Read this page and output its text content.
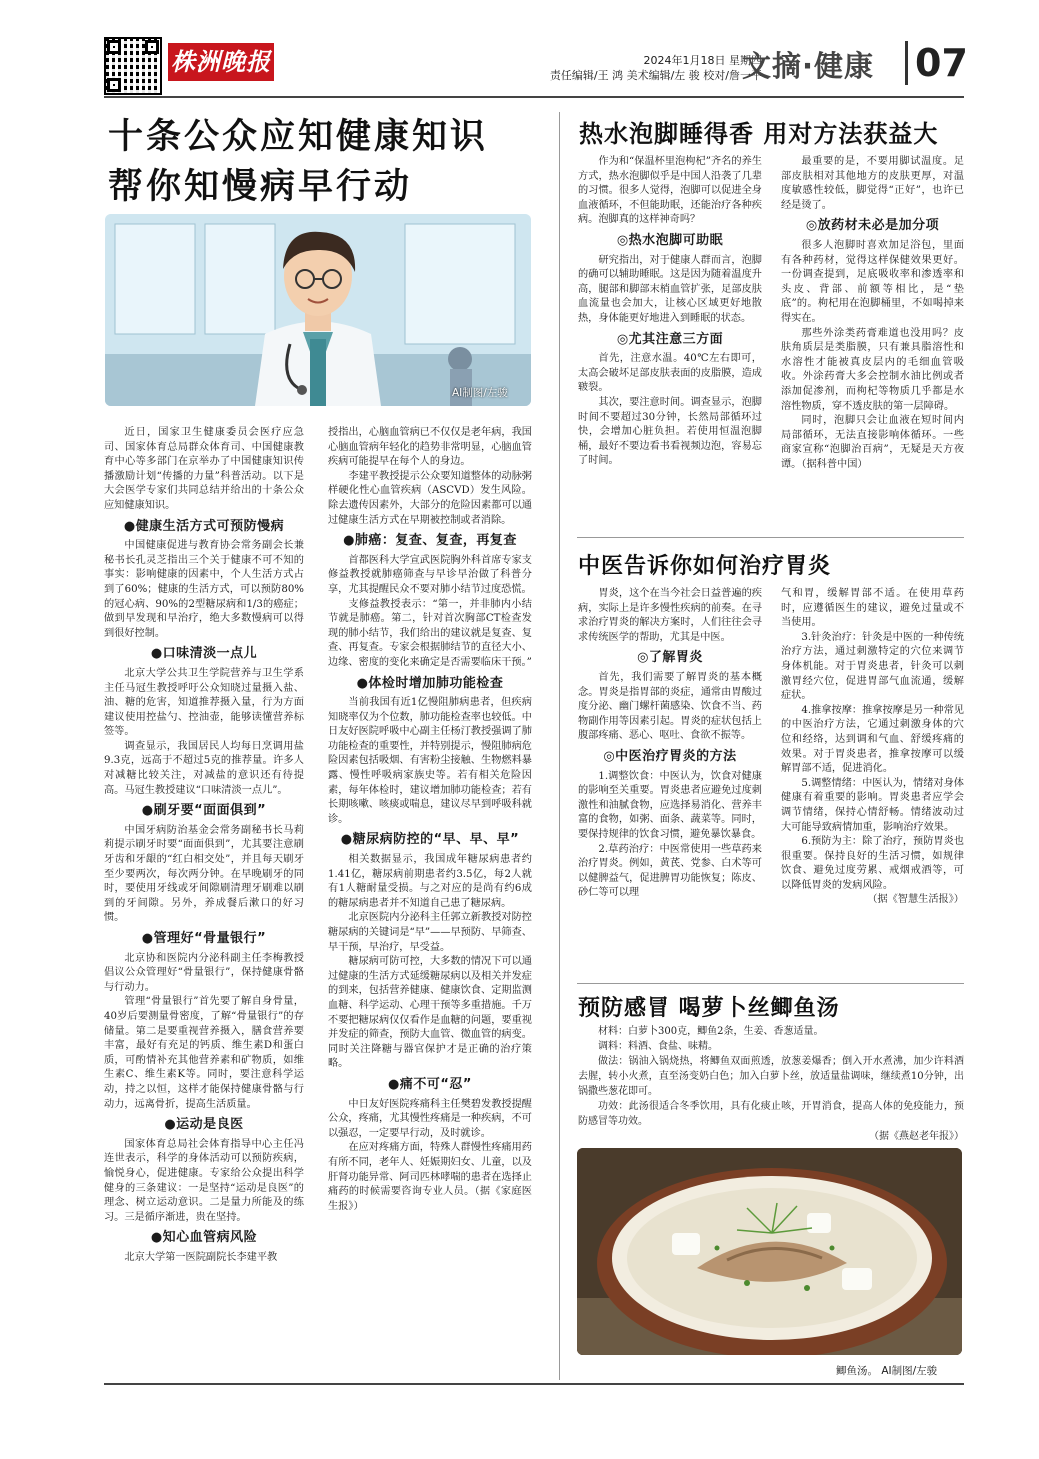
株洲晚报	2024年1月18日 星期四
责任编辑/王 鸿 美术编辑/左 骏 校对/詹一平
文摘·健康 07
十条公众应知健康知识
帮你知慢病早行动
AI制图/左骏

近日，国家卫生健康委员会医疗应急司、国家体育总局群众体育司、中国健康教育中心等多部门在京举办了中国健康知识传播激励计划“传播的力量”科普活动。以下是大会医学专家们共同总结并给出的十条公众应知健康知识。

●健康生活方式可预防慢病

中国健康促进与教育协会常务副会长兼秘书长孔灵芝指出三个关于健康不可不知的事实：影响健康的因素中，个人生活方式占到了60%；健康的生活方式，可以预防80%的冠心病、90%的2型糖尿病和1/3的癌症；做到早发现和早治疗，绝大多数慢病可以得到很好控制。

●口味清淡一点儿

北京大学公共卫生学院营养与卫生学系主任马冠生教授呼吁公众知晓过量摄入盐、油、糖的危害，知道推荐摄入量，行为方面建议使用控盐勺、控油壶，能够读懂营养标签等。

调查显示，我国居民人均每日烹调用盐9.3克，远高于不超过5克的推荐量。许多人对减糖比较关注，对减盐的意识还有待提高。马冠生教授建议“口味清淡一点儿”。

●刷牙要“面面俱到”

中国牙病防治基金会常务副秘书长马莉莉提示刷牙时要“面面俱到”，尤其要注意刷牙齿和牙龈的“红白相交处”，并且每天刷牙至少要两次，每次两分钟。在早晚刷牙的同时，要使用牙线或牙间隙刷清理牙刷难以刷到的牙间隙。另外，养成餐后漱口的好习惯。

●管理好“骨量银行”

北京协和医院内分泌科副主任李梅教授倡议公众管理好“骨量银行”，保持健康骨骼与行动力。

管理“骨量银行”首先要了解自身骨量，40岁后要测量骨密度，了解“骨量银行”的存储量。第二是要重视营养摄入，膳食营养要丰富，最好有充足的钙质、维生素D和蛋白质，可酌情补充其他营养素和矿物质，如维生素C、维生素K等。同时，要注意科学运动，持之以恒，这样才能保持健康骨骼与行动力，远离骨折，提高生活质量。

●运动是良医

国家体育总局社会体育指导中心主任冯连世表示，科学的身体活动可以预防疾病，愉悦身心，促进健康。专家给公众提出科学健身的三条建议：一是坚持“运动是良医”的理念、树立运动意识。二是量力所能及的练习。三是循序渐进，贵在坚持。

●知心血管病风险

北京大学第一医院副院长李建平教

授指出，心脑血管病已不仅仅是老年病，我国心脑血管病年轻化的趋势非常明显，心脑血管疾病可能提早在每个人的身边。

李建平教授提示公众要知道整体的动脉粥样硬化性心血管疾病（ASCVD）发生风险。除去遗传因素外，大部分的危险因素都可以通过健康生活方式在早期被控制或者消除。

●肺癌：复查、复查，再复查

首都医科大学宣武医院胸外科首席专家支修益教授就肺癌筛查与早诊早治做了科普分享，尤其提醒民众不要对肺小结节过度恐慌。

支修益教授表示：“第一，并非肺内小结节就是肺癌。第二，针对首次胸部CT检查发现的肺小结节，我们给出的建议就是复查、复查、再复查。专家会根据肺结节的直径大小、边缘、密度的变化来确定是否需要临床干预。”

●体检时增加肺功能检查

当前我国有近1亿慢阻肺病患者，但疾病知晓率仅为个位数，肺功能检查率也较低。中日友好医院呼吸中心副主任杨汀教授强调了肺功能检查的重要性，并特别提示，慢阻肺病危险因素包括吸烟、有害粉尘接触、生物燃料暴露、慢性呼吸病家族史等。若有相关危险因素，每年体检时，建议增加肺功能检查；若有长期咳嗽、咳痰或喘息，建议尽早到呼吸科就诊。

●糖尿病防控的“早、早、早”

相关数据显示，我国成年糖尿病患者约1.41亿，糖尿病前期患者约3.5亿，每2人就有1人糖耐量受损。与之对应的是尚有约6成的糖尿病患者并不知道自己患了糖尿病。

北京医院内分泌科主任郭立新教授对防控糖尿病的关键词是“早”——早预防、早筛查、早干预，早治疗，早受益。

糖尿病可防可控，大多数的情况下可以通过健康的生活方式延缓糖尿病以及相关并发症的到来，包括营养健康、健康饮食、定期监测血糖、科学运动、心理干预等多重措施。千万不要把糖尿病仅仅看作是血糖的问题，要重视并发症的筛查，预防大血管、微血管的病变。同时关注降糖与器官保护才是正确的治疗策略。

●痛不可“忍”

中日友好医院疼痛科主任樊碧发教授提醒公众，疼痛，尤其慢性疼痛是一种疾病，不可以强忍，一定要早行动，及时就诊。

在应对疼痛方面，特殊人群慢性疼痛用药有所不同，老年人、妊娠期妇女、儿童，以及肝肾功能异常、阿司匹林哮喘的患者在选择止痛药的时候需要咨询专业人员。（据《家庭医生报》）

热水泡脚睡得香 用对方法获益大

作为和“保温杯里泡枸杞”齐名的养生方式，热水泡脚似乎是中国人沿袭了几辈的习惯。很多人觉得，泡脚可以促进全身血液循环，不但能助眠，还能治疗各种疾病。泡脚真的这样神奇吗？

◎热水泡脚可助眠

研究指出，对于健康人群而言，泡脚的确可以辅助睡眠。这是因为随着温度升高，腿部和脚部末梢血管扩张，足部皮肤血流量也会加大，让核心区域更好地散热，身体能更好地进入到睡眠的状态。

◎尤其注意三方面

首先，注意水温。40℃左右即可，太高会破坏足部皮肤表面的皮脂膜，造成皲裂。

其次，要注意时间。调查显示，泡脚时间不要超过30分钟，长然局部循环过快，会增加心脏负担。若使用恒温泡脚桶，最好不要边看书看视频边泡，容易忘了时间。

最重要的是，不要用脚试温度。足部皮肤相对其他地方的皮肤更厚，对温度敏感性较低，脚觉得“正好”，也许已经是烫了。

◎放药材未必是加分项

很多人泡脚时喜欢加足浴包，里面有各种药材，觉得这样保健效果更好。一份调查提到，足底吸收率和渗透率和头皮、背部、前额等相比，是“垫底”的。枸杞用在泡脚桶里，不如喝掉来得实在。

那些外涂类药膏难道也没用吗？皮肤角质层是类脂膜，只有兼具脂溶性和水溶性才能被真皮层内的毛细血管吸收。外涂药膏大多会控制水油比例或者添加促渗剂，而枸杞等物质几乎都是水溶性物质，穿不透皮肤的第一层障碍。

同时，泡脚只会让血液在短时间内局部循环，无法直接影响体循环。一些商家宣称“泡脚治百病”，无疑是天方夜谭。（据科普中国）

中医告诉你如何治疗胃炎

胃炎，这个在当今社会日益普遍的疾病，实际上是许多慢性疾病的前奏。在寻求治疗胃炎的解决方案时，人们往往会寻求传统医学的帮助，尤其是中医。

◎了解胃炎

首先，我们需要了解胃炎的基本概念。胃炎是指胃部的炎症，通常由胃酸过度分泌、幽门螺杆菌感染、饮食不当、药物副作用等因素引起。胃炎的症状包括上腹部疼痛、恶心、呕吐、食欲不振等。

◎中医治疗胃炎的方法

1.调整饮食：中医认为，饮食对健康的影响至关重要。胃炎患者应避免过度刺激性和油腻食物，应选择易消化、营养丰富的食物，如粥、面条、蔬菜等。同时，要保持规律的饮食习惯，避免暴饮暴食。

2.草药治疗：中医常使用一些草药来治疗胃炎。例如，黄芪、党参、白术等可以健脾益气，促进脾胃功能恢复；陈皮、砂仁等可以理

气和胃，缓解胃部不适。在使用草药时，应遵循医生的建议，避免过量或不当使用。

3.针灸治疗：针灸是中医的一种传统治疗方法，通过刺激特定的穴位来调节身体机能。对于胃炎患者，针灸可以刺激胃经穴位，促进胃部气血流通，缓解症状。

4.推拿按摩：推拿按摩是另一种常见的中医治疗方法，它通过刺激身体的穴位和经络，达到调和气血、舒缓疼痛的效果。对于胃炎患者，推拿按摩可以缓解胃部不适，促进消化。

5.调整情绪：中医认为，情绪对身体健康有着重要的影响。胃炎患者应学会调节情绪，保持心情舒畅。情绪波动过大可能导致病情加重，影响治疗效果。

6.预防为主：除了治疗，预防胃炎也很重要。保持良好的生活习惯，如规律饮食、避免过度劳累、戒烟戒酒等，可以降低胃炎的发病风险。

（据《智慧生活报》）

预防感冒 喝萝卜丝鲫鱼汤

材料：白萝卜300克，鲫鱼2条，生姜、香葱适量。

调料：料酒、食盐、味精。

做法：锅油入锅烧热，将鲫鱼双面煎透，放葱姜爆香；倒入开水煮沸，加少许料酒去腥，转小火煮，直至汤变奶白色；加入白萝卜丝，放适量盐调味，继续煮10分钟，出锅撒些葱花即可。

功效：此汤很适合冬季饮用，具有化痰止咳，开胃消食，提高人体的免疫能力，预防感冒等功效。

（据《燕赵老年报》）
鲫鱼汤。 AI制图/左骏
